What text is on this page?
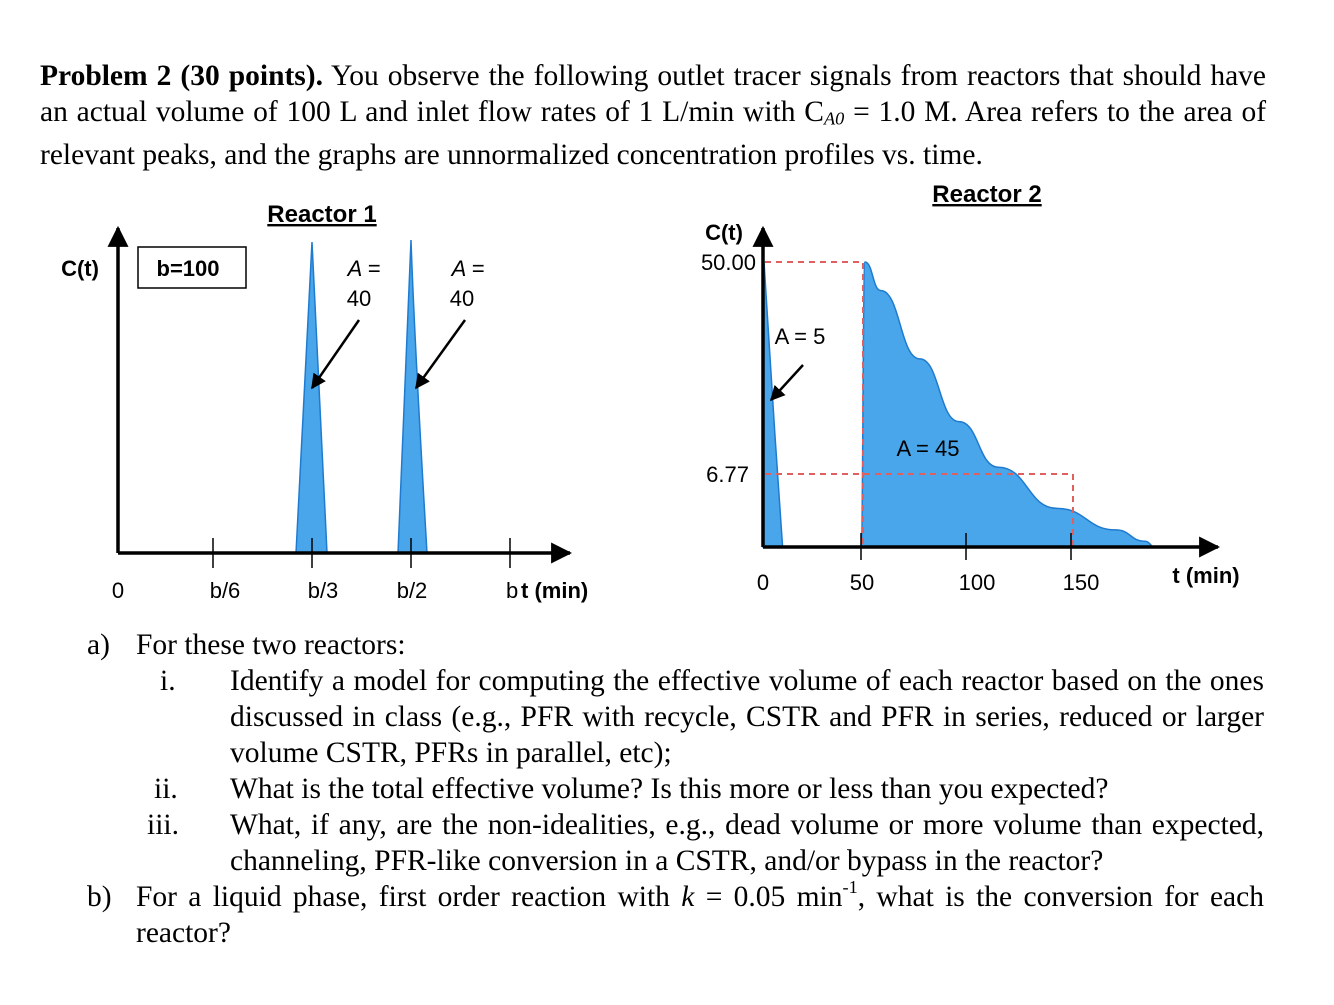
Problem 2 (30 points). You observe the following outlet tracer signals from reactors that should have an actual volume of 100 L and inlet flow rates of 1 L/min with $C_{A0} = 1.0$ M. Area refers to the area of relevant peaks, and the graphs are unnormalized concentration profiles vs. time.
Reactor 1
C(t)	b=100
0	b/6	b/3	b/2	b t (min)
A =
40
A =
40
Reactor 2
C(t)
50.00
6.77
0	50	100	150	t (min)
A = 5
A = 45
a) For these two reactors:
i. Identify a model for computing the effective volume of each reactor based on the ones discussed in class (e.g., PFR with recycle, CSTR and PFR in series, reduced or larger volume CSTR, PFRs in parallel, etc);
ii. What is the total effective volume? Is this more or less than you expected?
iii. What, if any, are the non-idealities, e.g., dead volume or more volume than expected, channeling, PFR-like conversion in a CSTR, and/or bypass in the reactor?
b) For a liquid phase, first order reaction with k = 0.05 $\min^{-1}$, what is the conversion for each reactor?
